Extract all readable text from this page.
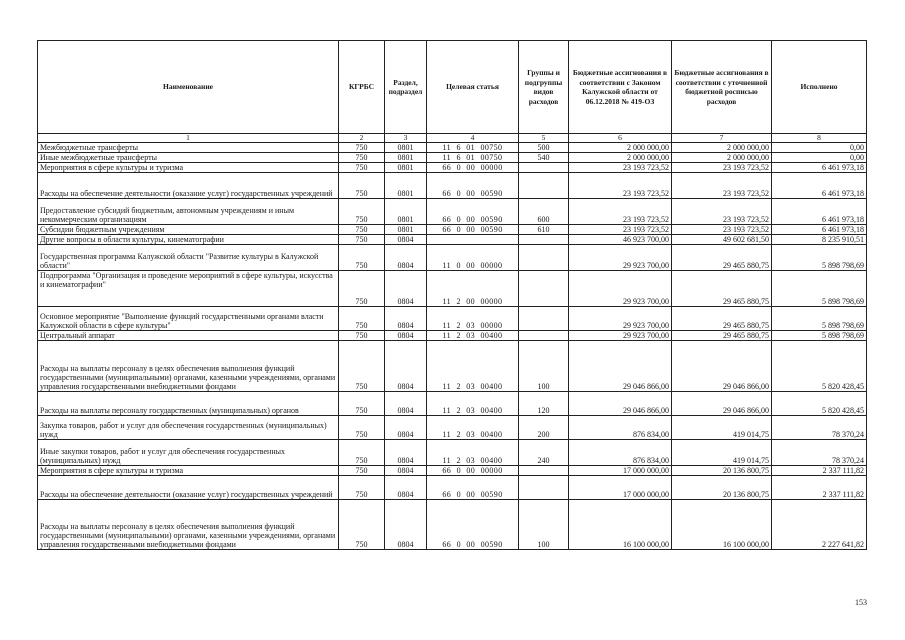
Наименование	КГРБС	Раздел, подраздел	Целевая статья	Группы и подгруппы видов расходов	Бюджетные ассигнования в соответствии с Законом Калужской области от 06.12.2018 № 419-ОЗ	Бюджетные ассигнования в соответствии с уточненной бюджетной росписью расходов	Исполнено
1	2	3	4	5	6	7	8
Межбюджетные трансферты	750	0801	11 6 01 00750	500	2 000 000,00	2 000 000,00	0,00
Иные межбюджетные трансферты	750	0801	11 6 01 00750	540	2 000 000,00	2 000 000,00	0,00
Мероприятия в сфере культуры и туризма	750	0801	66 0 00 00000		23 193 723,52	23 193 723,52	6 461 973,18
Расходы на обеспечение деятельности (оказание услуг) государственных учреждений	750	0801	66 0 00 00590		23 193 723,52	23 193 723,52	6 461 973,18
Предоставление субсидий бюджетным, автономным учреждениям и иным некоммерческим организациям	750	0801	66 0 00 00590	600	23 193 723,52	23 193 723,52	6 461 973,18
Субсидии бюджетным учреждениям	750	0801	66 0 00 00590	610	23 193 723,52	23 193 723,52	6 461 973,18
Другие вопросы в области культуры, кинематографии	750	0804			46 923 700,00	49 602 681,50	8 235 910,51
Государственная программа Калужской области "Развитие культуры в Калужской области"	750	0804	11 0 00 00000		29 923 700,00	29 465 880,75	5 898 798,69
Подпрограмма "Организация и проведение мероприятий в сфере культуры, искусства и кинематографии"	750	0804	11 2 00 00000		29 923 700,00	29 465 880,75	5 898 798,69
Основное мероприятие "Выполнение функций государственными органами власти Калужской области в сфере культуры"	750	0804	11 2 03 00000		29 923 700,00	29 465 880,75	5 898 798,69
Центральный аппарат	750	0804	11 2 03 00400		29 923 700,00	29 465 880,75	5 898 798,69
Расходы на выплаты персоналу в целях обеспечения выполнения функций государственными (муниципальными) органами, казенными учреждениями, органами управления государственными внебюджетными фондами	750	0804	11 2 03 00400	100	29 046 866,00	29 046 866,00	5 820 428,45
Расходы на выплаты персоналу государственных (муниципальных) органов	750	0804	11 2 03 00400	120	29 046 866,00	29 046 866,00	5 820 428,45
Закупка товаров, работ и услуг для обеспечения государственных (муниципальных) нужд	750	0804	11 2 03 00400	200	876 834,00	419 014,75	78 370,24
Иные закупки товаров, работ и услуг для обеспечения государственных (муниципальных) нужд	750	0804	11 2 03 00400	240	876 834,00	419 014,75	78 370,24
Мероприятия в сфере культуры и туризма	750	0804	66 0 00 00000		17 000 000,00	20 136 800,75	2 337 111,82
Расходы на обеспечение деятельности (оказание услуг) государственных учреждений	750	0804	66 0 00 00590		17 000 000,00	20 136 800,75	2 337 111,82
Расходы на выплаты персоналу в целях обеспечения выполнения функций государственными (муниципальными) органами, казенными учреждениями, органами управления государственными внебюджетными фондами	750	0804	66 0 00 00590	100	16 100 000,00	16 100 000,00	2 227 641,82
153
